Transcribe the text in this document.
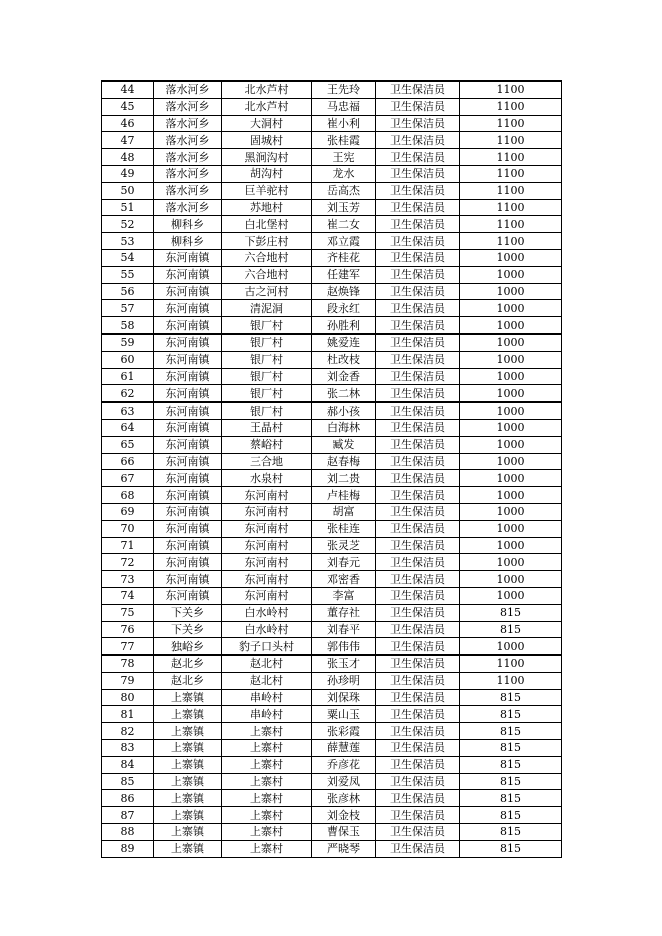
44	落水河乡	北水芦村	王先玲	卫生保洁员	1100
45	落水河乡	北水芦村	马忠福	卫生保洁员	1100
46	落水河乡	大洞村	崔小利	卫生保洁员	1100
47	落水河乡	固城村	张桂霞	卫生保洁员	1100
48	落水河乡	黑涧沟村	王宪	卫生保洁员	1100
49	落水河乡	胡沟村	龙水	卫生保洁员	1100
50	落水河乡	巨羊驼村	岳高杰	卫生保洁员	1100
51	落水河乡	苏地村	刘玉芳	卫生保洁员	1100
52	柳科乡	白北堡村	崔二女	卫生保洁员	1100
53	柳科乡	下彭庄村	邓立霞	卫生保洁员	1100
54	东河南镇	六合地村	齐桂花	卫生保洁员	1000
55	东河南镇	六合地村	任建军	卫生保洁员	1000
56	东河南镇	古之河村	赵焕锋	卫生保洁员	1000
57	东河南镇	清泥洞	段永红	卫生保洁员	1000
58	东河南镇	银厂村	孙胜利	卫生保洁员	1000
59	东河南镇	银厂村	姚爱连	卫生保洁员	1000
60	东河南镇	银厂村	杜改枝	卫生保洁员	1000
61	东河南镇	银厂村	刘金香	卫生保洁员	1000
62	东河南镇	银厂村	张二林	卫生保洁员	1000
63	东河南镇	银厂村	郝小孩	卫生保洁员	1000
64	东河南镇	王晶村	白海林	卫生保洁员	1000
65	东河南镇	蔡峪村	臧发	卫生保洁员	1000
66	东河南镇	三合地	赵春梅	卫生保洁员	1000
67	东河南镇	水泉村	刘二贵	卫生保洁员	1000
68	东河南镇	东河南村	卢桂梅	卫生保洁员	1000
69	东河南镇	东河南村	胡富	卫生保洁员	1000
70	东河南镇	东河南村	张桂连	卫生保洁员	1000
71	东河南镇	东河南村	张灵芝	卫生保洁员	1000
72	东河南镇	东河南村	刘春元	卫生保洁员	1000
73	东河南镇	东河南村	邓密香	卫生保洁员	1000
74	东河南镇	东河南村	李富	卫生保洁员	1000
75	下关乡	白水岭村	董存社	卫生保洁员	815
76	下关乡	白水岭村	刘春平	卫生保洁员	815
77	独峪乡	豹子口头村	郭伟伟	卫生保洁员	1000
78	赵北乡	赵北村	张玉才	卫生保洁员	1100
79	赵北乡	赵北村	孙珍明	卫生保洁员	1100
80	上寨镇	串岭村	刘保珠	卫生保洁员	815
81	上寨镇	串岭村	粟山玉	卫生保洁员	815
82	上寨镇	上寨村	张彩霞	卫生保洁员	815
83	上寨镇	上寨村	薛慧莲	卫生保洁员	815
84	上寨镇	上寨村	乔彦花	卫生保洁员	815
85	上寨镇	上寨村	刘爱凤	卫生保洁员	815
86	上寨镇	上寨村	张彦林	卫生保洁员	815
87	上寨镇	上寨村	刘金枝	卫生保洁员	815
88	上寨镇	上寨村	曹保玉	卫生保洁员	815
89	上寨镇	上寨村	严晓琴	卫生保洁员	815
